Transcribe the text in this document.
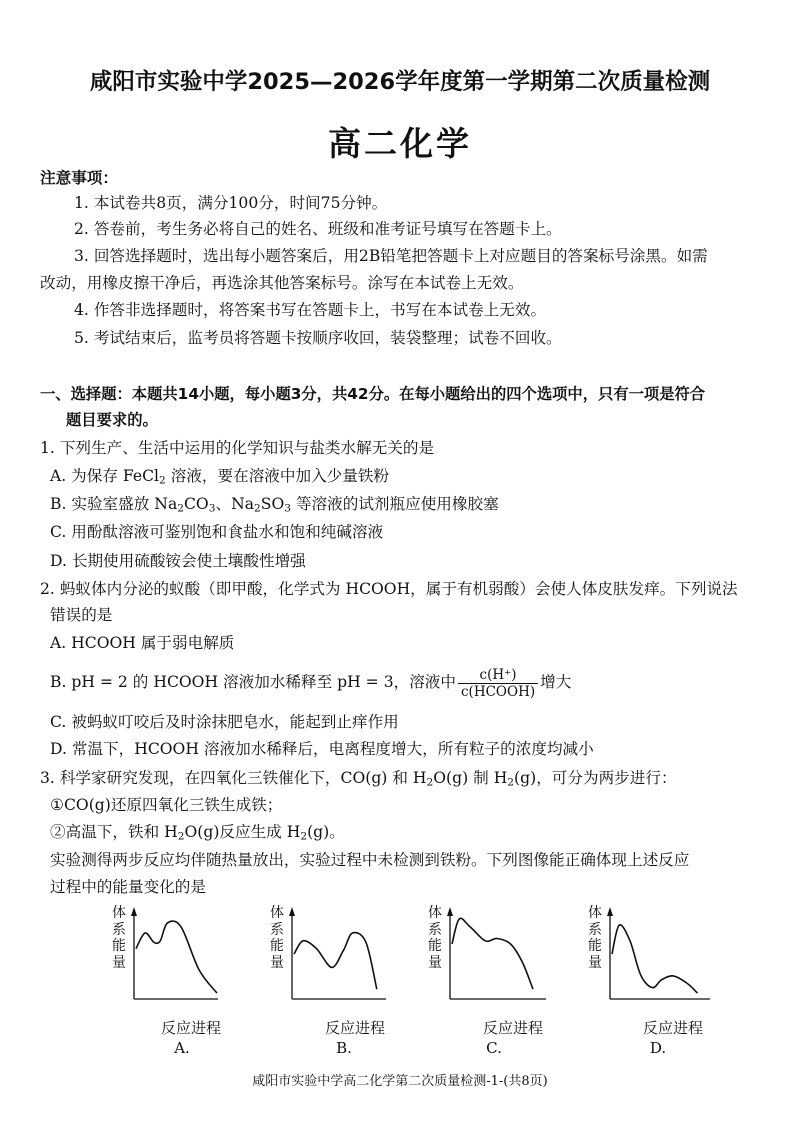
咸阳市实验中学2025—2026学年度第一学期第二次质量检测
高二化学
注意事项：
1. 本试卷共8页，满分100分，时间75分钟。
2. 答卷前，考生务必将自己的姓名、班级和准考证号填写在答题卡上。
3. 回答选择题时，选出每小题答案后，用2B铅笔把答题卡上对应题目的答案标号涂黑。如需
改动，用橡皮擦干净后，再选涂其他答案标号。涂写在本试卷上无效。
4. 作答非选择题时，将答案书写在答题卡上，书写在本试卷上无效。
5. 考试结束后，监考员将答题卡按顺序收回，装袋整理；试卷不回收。
一、选择题：本题共14小题，每小题3分，共42分。在每小题给出的四个选项中，只有一项是符合
题目要求的。
1. 下列生产、生活中运用的化学知识与盐类水解无关的是
A. 为保存 FeCl$_2$ 溶液，要在溶液中加入少量铁粉
B. 实验室盛放 $Na_2CO_3$、$Na_2SO_3$ 等溶液的试剂瓶应使用橡胶塞
C. 用酚酞溶液可鉴别饱和食盐水和饱和纯碱溶液
D. 长期使用硫酸铵会使土壤酸性增强
2. 蚂蚁体内分泌的蚁酸（即甲酸，化学式为 HCOOH，属于有机弱酸）会使人体皮肤发痒。下列说法
错误的是
A. HCOOH 属于弱电解质
B. pH = 2 的 HCOOH 溶液加水稀释至 pH = 3，溶液中 $\frac{c(H^+)}{\text{c(HCOOH)}}$ 增大
C. 被蚂蚁叮咬后及时涂抹肥皂水，能起到止痒作用
D. 常温下，HCOOH 溶液加水稀释后，电离程度增大，所有粒子的浓度均减小
3. 科学家研究发现，在四氧化三铁催化下，CO(g) 和 $H_2O(g)$ 制 $H_2(g)$，可分为两步进行：
①CO(g)还原四氧化三铁生成铁；
②高温下，铁和 $H_2O(g)$反应生成 $H_2(g)$。
实验测得两步反应均伴随热量放出，实验过程中未检测到铁粉。下列图像能正确体现上述反应
过程中的能量变化的是
体系能量
反应进程
A.
体系能量
反应进程
B.
体系能量
反应进程
C.
体系能量
反应进程
D.
咸阳市实验中学高二化学第二次质量检测-1-(共8页)
